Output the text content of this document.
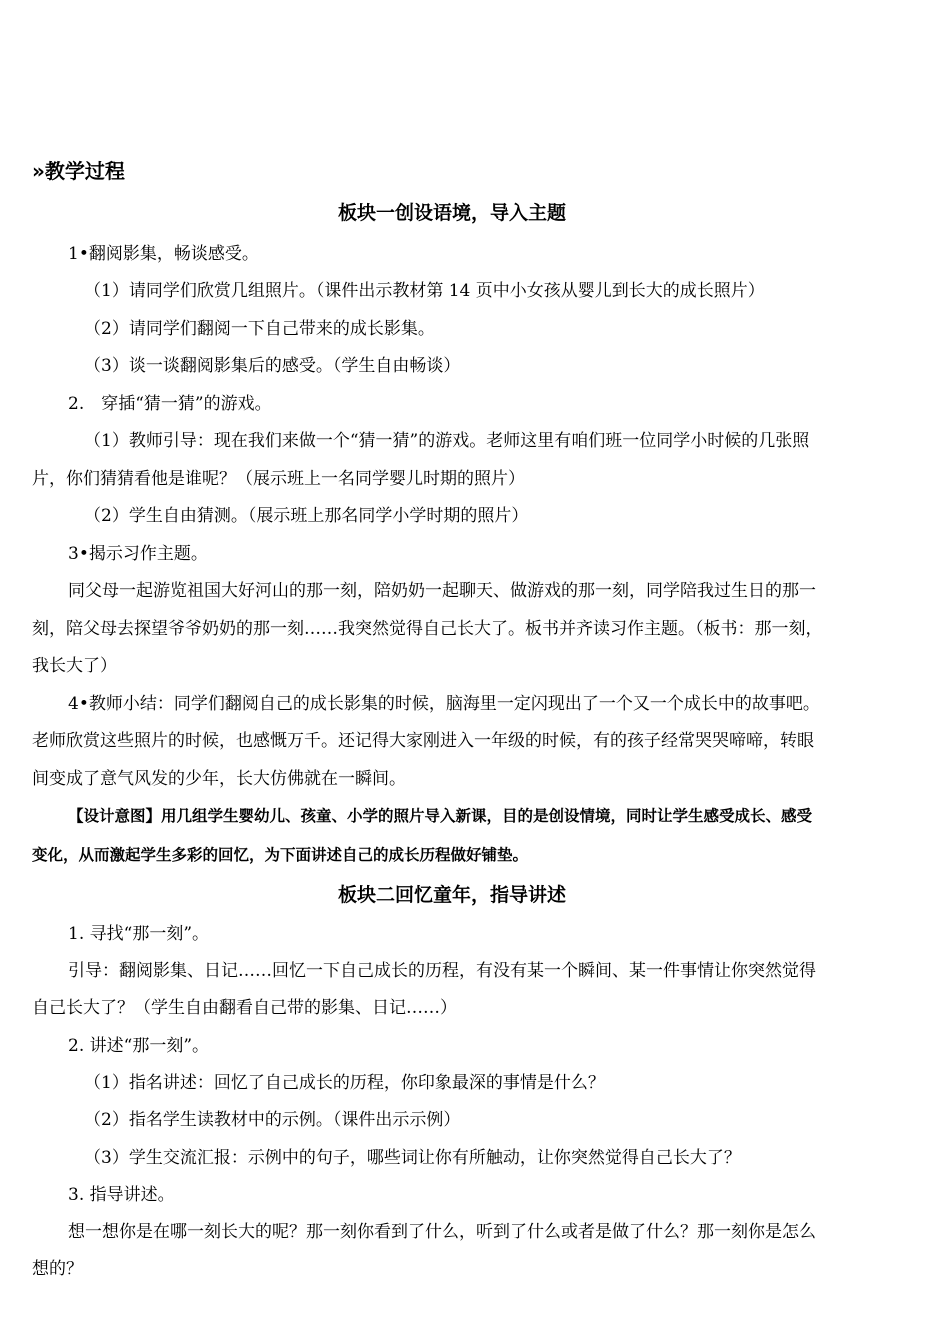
»教学过程
板块一创设语境，导入主题
1•翻阅影集，畅谈感受。
（1）请同学们欣赏几组照片。（课件出示教材第 14 页中小女孩从婴儿到长大的成长照片）
（2）请同学们翻阅一下自己带来的成长影集。
（3）谈一谈翻阅影集后的感受。（学生自由畅谈）
2.　穿插“猜一猜”的游戏。
（1）教师引导：现在我们来做一个“猜一猜”的游戏。老师这里有咱们班一位同学小时候的几张照
片，你们猜猜看他是谁呢？（展示班上一名同学婴儿时期的照片）
（2）学生自由猜测。（展示班上那名同学小学时期的照片）
3•揭示习作主题。
同父母一起游览祖国大好河山的那一刻，陪奶奶一起聊天、做游戏的那一刻，同学陪我过生日的那一
刻，陪父母去探望爷爷奶奶的那一刻……我突然觉得自己长大了。板书并齐读习作主题。（板书：那一刻，
我长大了）
4•教师小结：同学们翻阅自己的成长影集的时候，脑海里一定闪现出了一个又一个成长中的故事吧。
老师欣赏这些照片的时候，也感慨万千。还记得大家刚进入一年级的时候，有的孩子经常哭哭啼啼，转眼
间变成了意气风发的少年，长大仿佛就在一瞬间。
【设计意图】用几组学生婴幼儿、孩童、小学的照片导入新课，目的是创设情境，同时让学生感受成长、感受
变化，从而激起学生多彩的回忆，为下面讲述自己的成长历程做好铺垫。
板块二回忆童年，指导讲述
1. 寻找“那一刻”。
引导：翻阅影集、日记……回忆一下自己成长的历程，有没有某一个瞬间、某一件事情让你突然觉得
自己长大了？（学生自由翻看自己带的影集、日记……）
2. 讲述“那一刻”。
（1）指名讲述：回忆了自己成长的历程，你印象最深的事情是什么？
（2）指名学生读教材中的示例。（课件出示示例）
（3）学生交流汇报：示例中的句子，哪些词让你有所触动，让你突然觉得自己长大了？
3. 指导讲述。
想一想你是在哪一刻长大的呢？那一刻你看到了什么，听到了什么或者是做了什么？那一刻你是怎么
想的？
